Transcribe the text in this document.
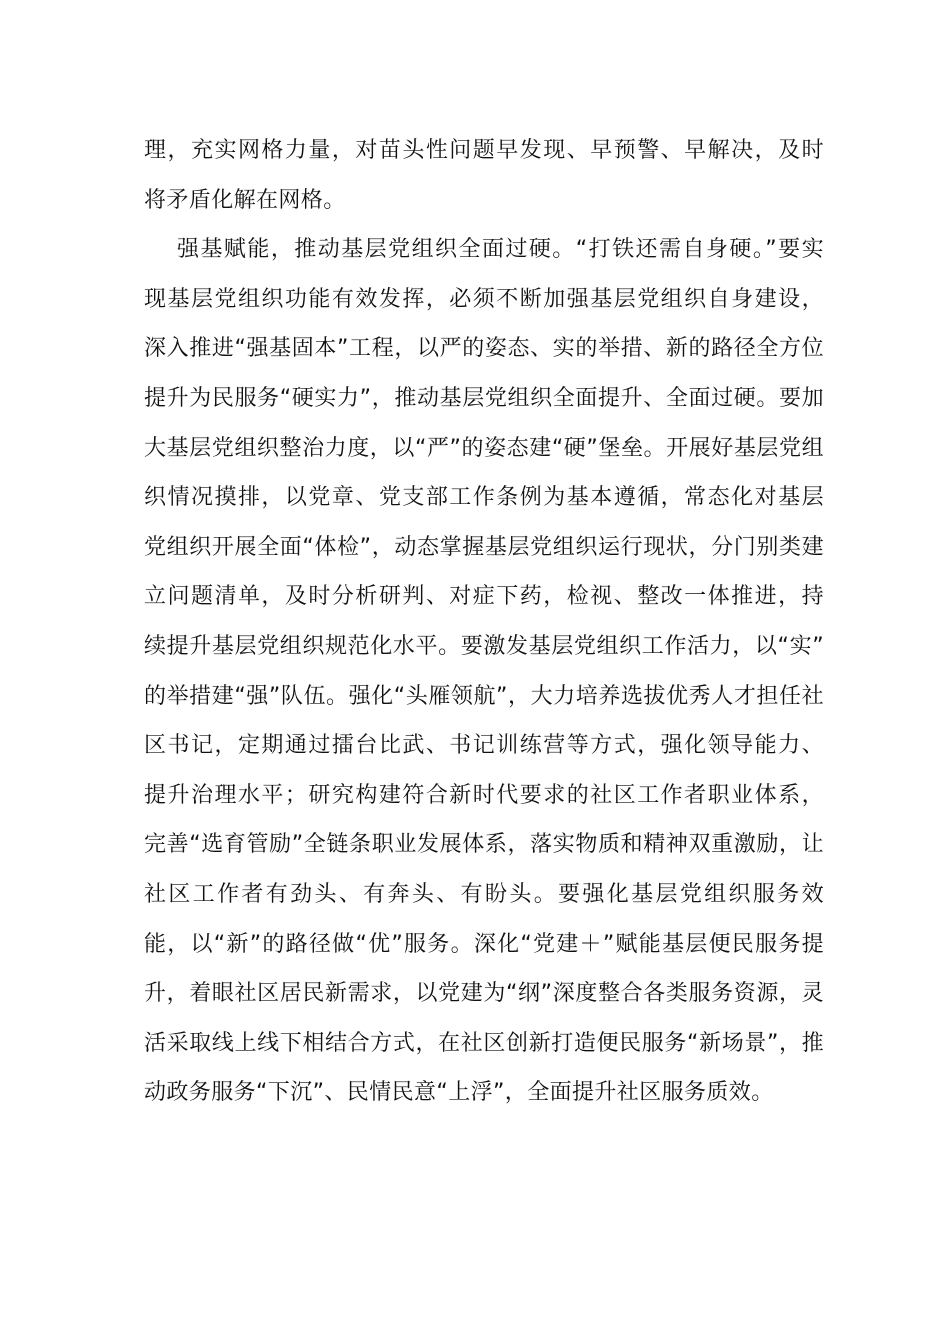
理，充实网格力量，对苗头性问题早发现、早预警、早解决，及时
将矛盾化解在网格。
强基赋能，推动基层党组织全面过硬。“打铁还需自身硬。”要实
现基层党组织功能有效发挥，必须不断加强基层党组织自身建设，
深入推进“强基固本”工程，以严的姿态、实的举措、新的路径全方位
提升为民服务“硬实力”，推动基层党组织全面提升、全面过硬。要加
大基层党组织整治力度，以“严”的姿态建“硬”堡垒。开展好基层党组
织情况摸排，以党章、党支部工作条例为基本遵循，常态化对基层
党组织开展全面“体检”，动态掌握基层党组织运行现状，分门别类建
立问题清单，及时分析研判、对症下药，检视、整改一体推进，持
续提升基层党组织规范化水平。要激发基层党组织工作活力，以“实”
的举措建“强”队伍。强化“头雁领航”，大力培养选拔优秀人才担任社
区书记，定期通过擂台比武、书记训练营等方式，强化领导能力、
提升治理水平；研究构建符合新时代要求的社区工作者职业体系，
完善“选育管励”全链条职业发展体系，落实物质和精神双重激励，让
社区工作者有劲头、有奔头、有盼头。要强化基层党组织服务效
能，以“新”的路径做“优”服务。深化“党建＋”赋能基层便民服务提
升，着眼社区居民新需求，以党建为“纲”深度整合各类服务资源，灵
活采取线上线下相结合方式，在社区创新打造便民服务“新场景”，推
动政务服务“下沉”、民情民意“上浮”，全面提升社区服务质效。
